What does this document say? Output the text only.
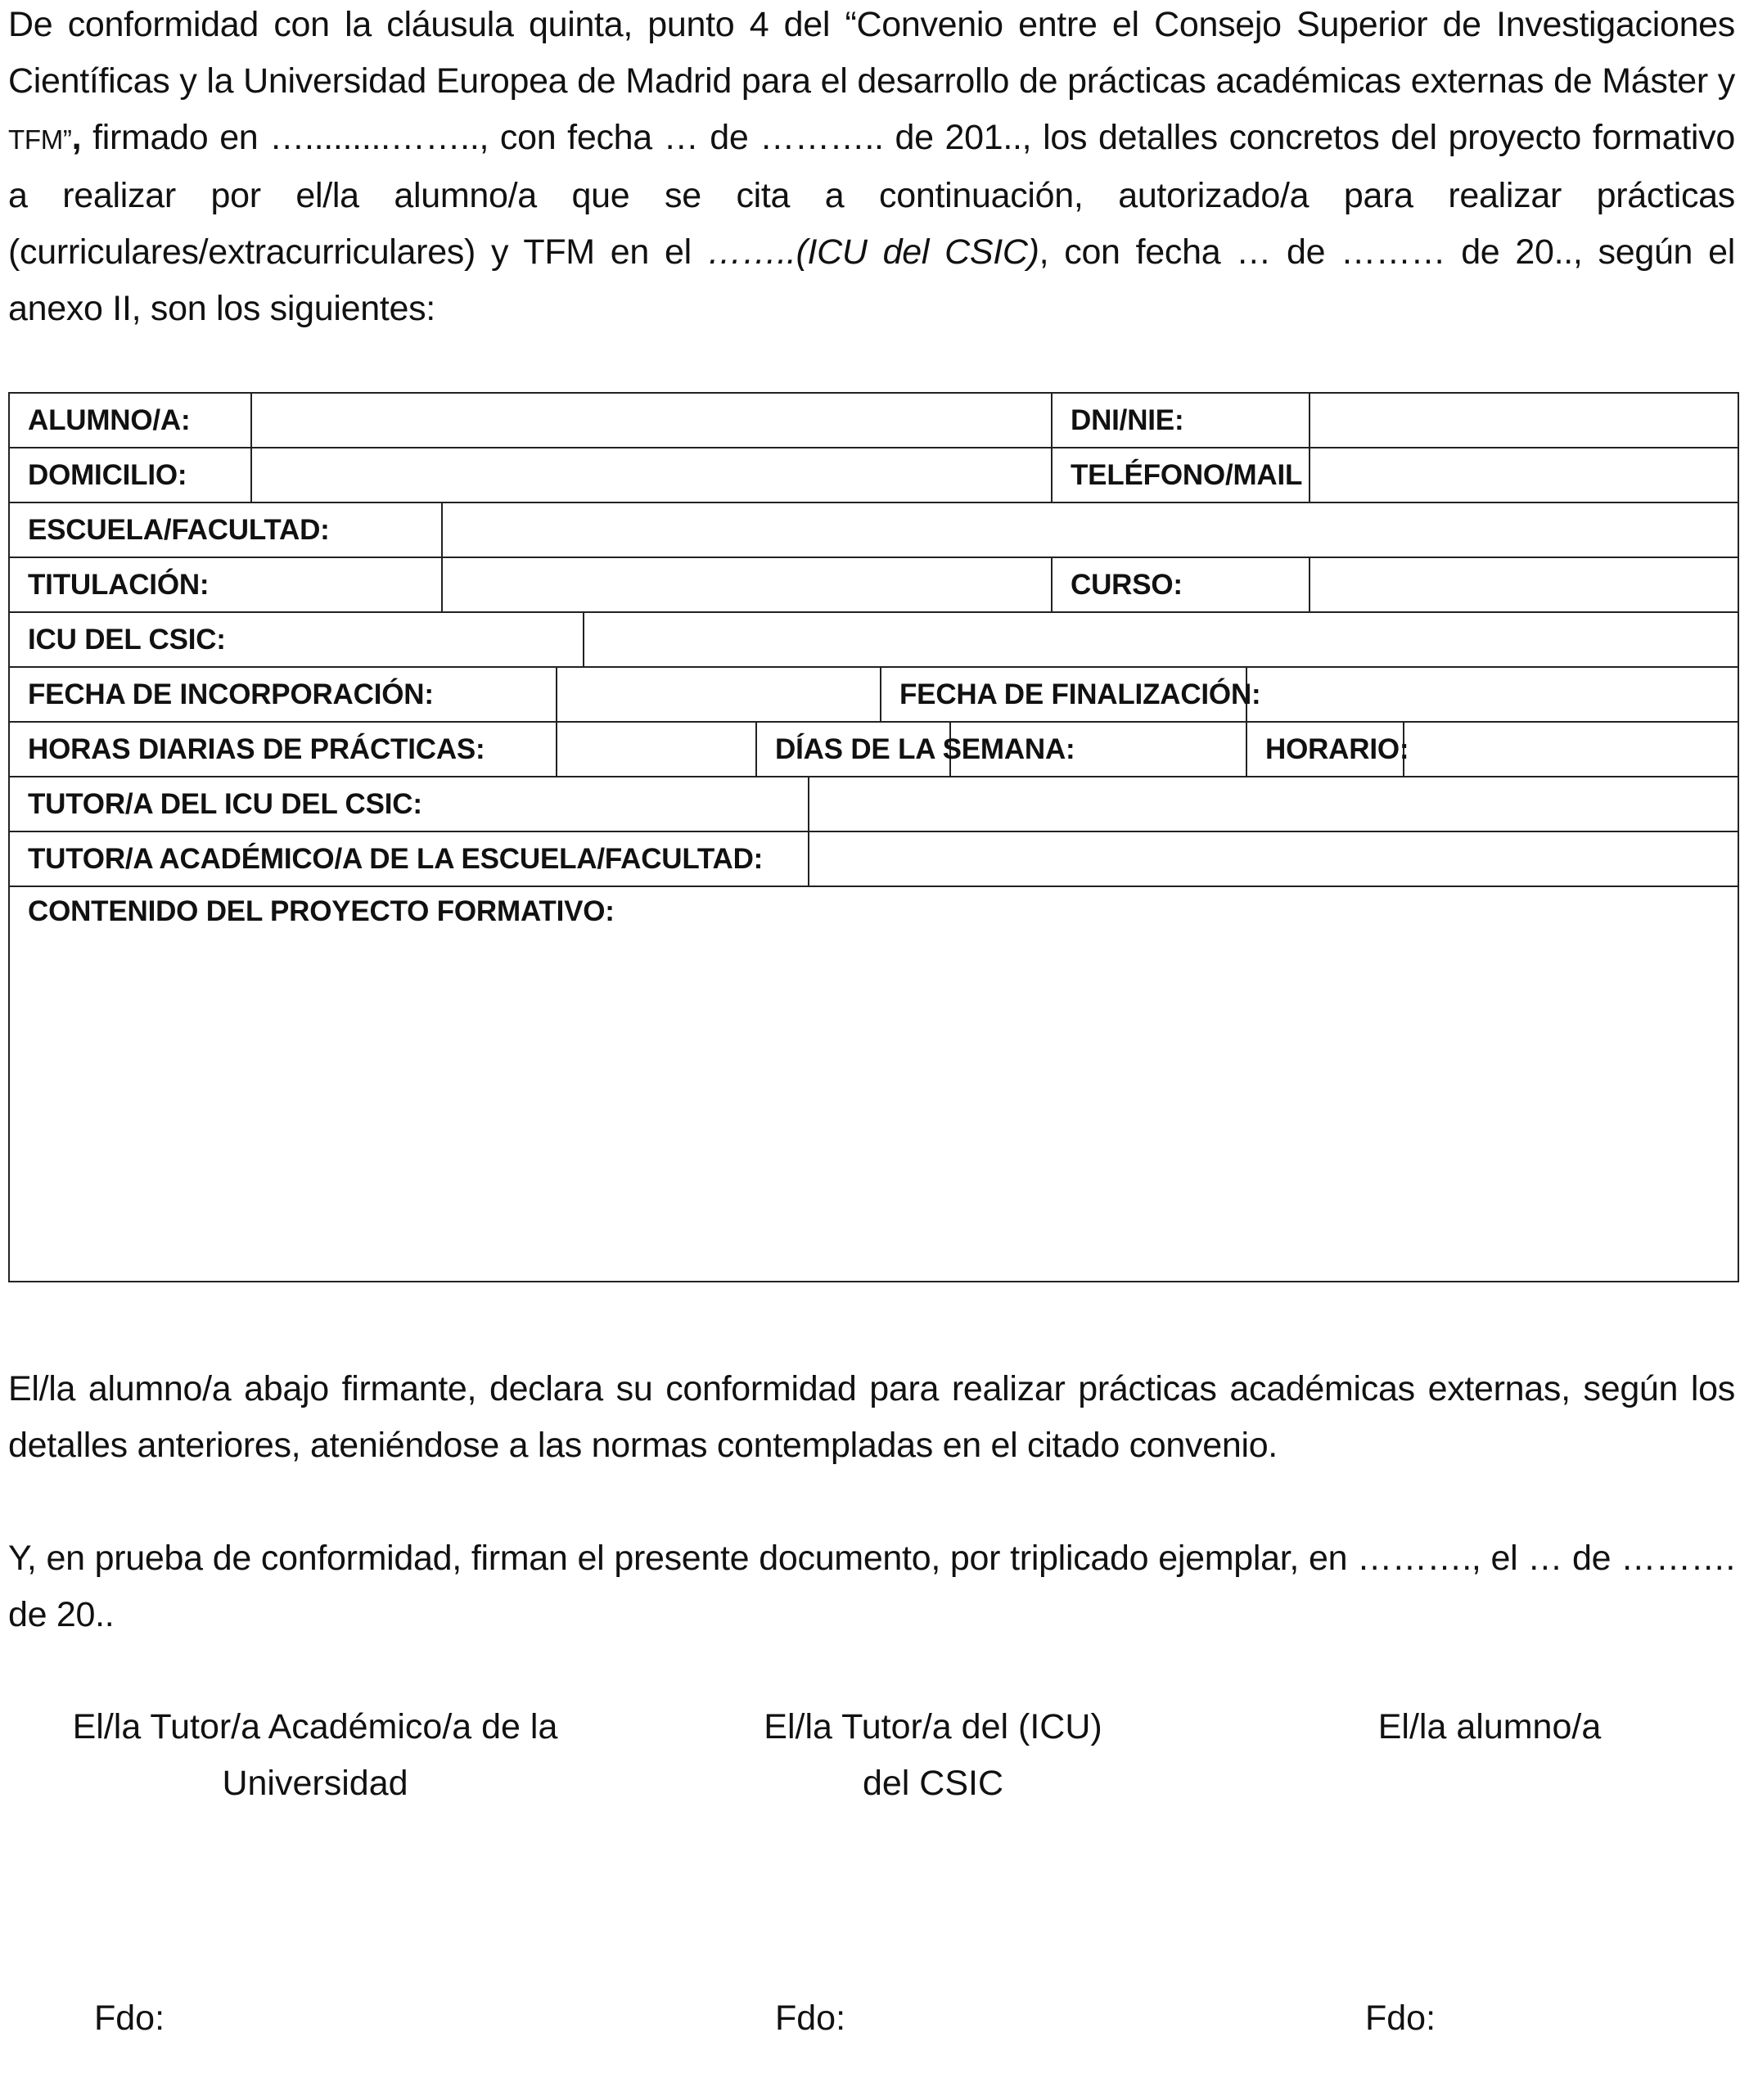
De conformidad con la cláusula quinta, punto 4 del “Convenio entre el Consejo Superior de Investigaciones Científicas y la Universidad Europea de Madrid para el desarrollo de prácticas académicas externas de Máster y TFM”, firmado en ….........…….., con fecha … de ……….. de 201.., los detalles concretos del proyecto formativo a realizar por el/la alumno/a que se cita a continuación, autorizado/a para realizar prácticas (curriculares/extracurriculares) y TFM en el ……..(ICU del CSIC), con fecha … de ……… de 20.., según el anexo II, son los siguientes:
ALUMNO/A:									DNI/NIE:			
DOMICILIO:									TELÉFONO/MAIL			
ESCUELA/FACULTAD:												
TITULACIÓN:									CURSO:			
ICU DEL CSIC:												
FECHA DE INCORPORACIÓN:							FECHA DE FINALIZACIÓN:					
HORAS DIARIAS DE PRÁCTICAS:					DÍAS DE LA SEMANA:					HORARIO:		
TUTOR/A DEL ICU DEL CSIC:												
TUTOR/A ACADÉMICO/A DE LA ESCUELA/FACULTAD:												
CONTENIDO DEL PROYECTO FORMATIVO:												
El/la alumno/a abajo firmante, declara su conformidad para realizar prácticas académicas externas, según los detalles anteriores, ateniéndose a las normas contempladas en el citado convenio.
Y, en prueba de conformidad, firman el presente documento, por triplicado ejemplar, en ………., el … de ………. de 20..
El/la Tutor/a Académico/a de la
Universidad
El/la Tutor/a del (ICU)
del CSIC
El/la alumno/a
Fdo:	Fdo:	Fdo:
